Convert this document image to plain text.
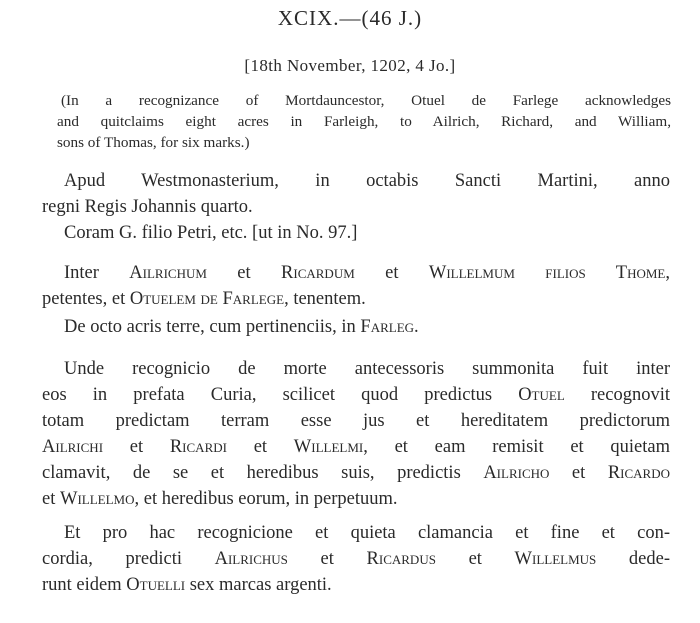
XCIX.—(46 J.)

[18th November, 1202, 4 Jo.]

(In a recognizance of Mortdauncestor, Otuel de Farlege acknowledges
and quitclaims eight acres in Farleigh, to Ailrich, Richard, and William,
sons of Thomas, for six marks.)
Apud Westmonasterium, in octabis Sancti Martini, anno
regni Regis Johannis quarto.
Coram G. filio Petri, etc. [ut in No. 97.]
Inter Ailrichum et Ricardum et Willelmum filios Thome,
petentes, et Otuelem de Farlege, tenentem.
De octo acris terre, cum pertinenciis, in Farleg.
Unde recognicio de morte antecessoris summonita fuit inter
eos in prefata Curia, scilicet quod predictus Otuel recognovit
totam predictam terram esse jus et hereditatem predictorum
Ailrichi et Ricardi et Willelmi, et eam remisit et quietam
clamavit, de se et heredibus suis, predictis Ailricho et Ricardo
et Willelmo, et heredibus eorum, in perpetuum.
Et pro hac recognicione et quieta clamancia et fine et con-
cordia, predicti Ailrichus et Ricardus et Willelmus dede-
runt eidem Otuelli sex marcas argenti.
